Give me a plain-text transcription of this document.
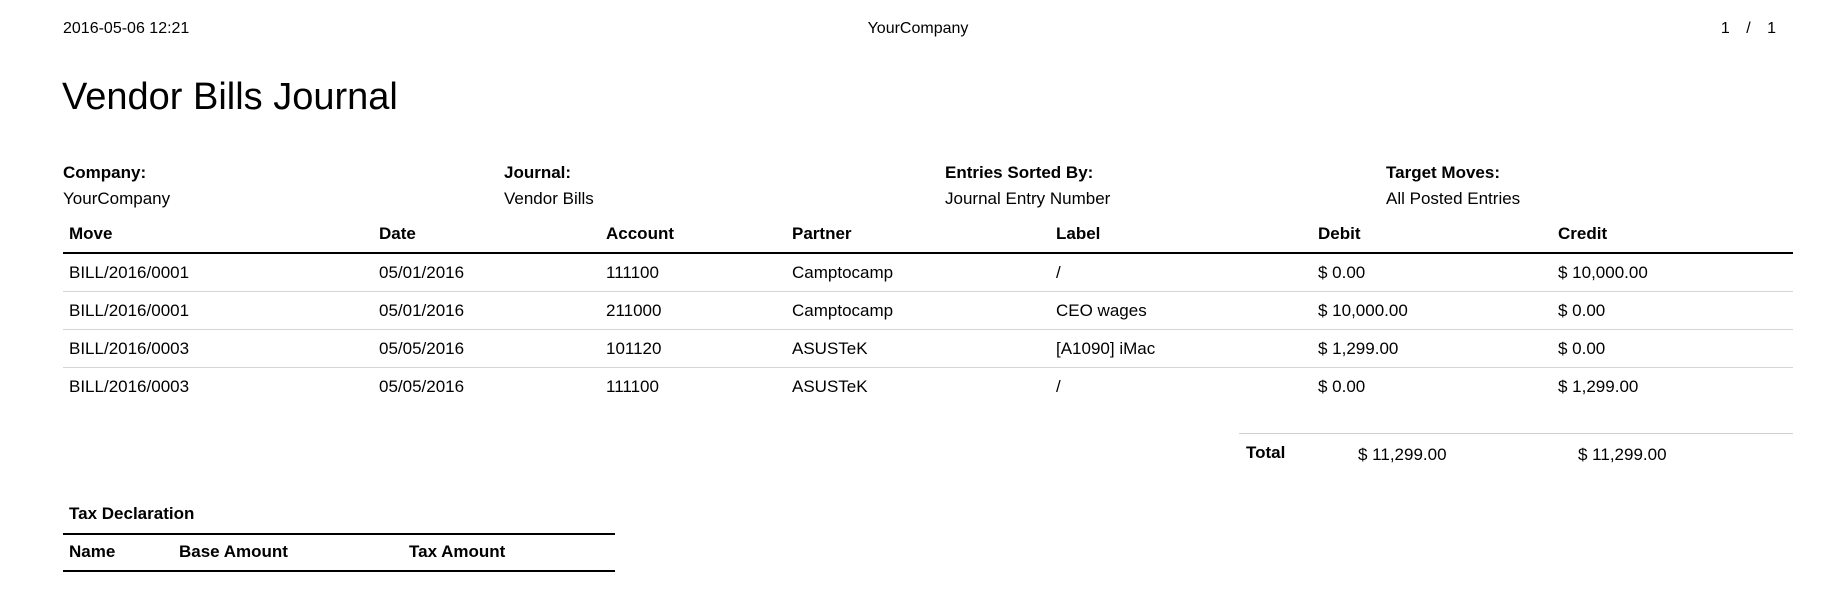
2016-05-06 12:21	YourCompany	1 / 1
Vendor Bills Journal
Company:
YourCompany
Journal:
Vendor Bills
Entries Sorted By:
Journal Entry Number
Target Moves:
All Posted Entries
Move	Date	Account	Partner	Label	Debit	Credit
BILL/2016/0001	05/01/2016	111100	Camptocamp	/	$ 0.00	$ 10,000.00
BILL/2016/0001	05/01/2016	211000	Camptocamp	CEO wages	$ 10,000.00	$ 0.00
BILL/2016/0003	05/05/2016	101120	ASUSTeK	[A1090] iMac	$ 1,299.00	$ 0.00
BILL/2016/0003	05/05/2016	111100	ASUSTeK	/	$ 0.00	$ 1,299.00
Total	$ 11,299.00	$ 11,299.00
Tax Declaration
Name	Base Amount	Tax Amount
